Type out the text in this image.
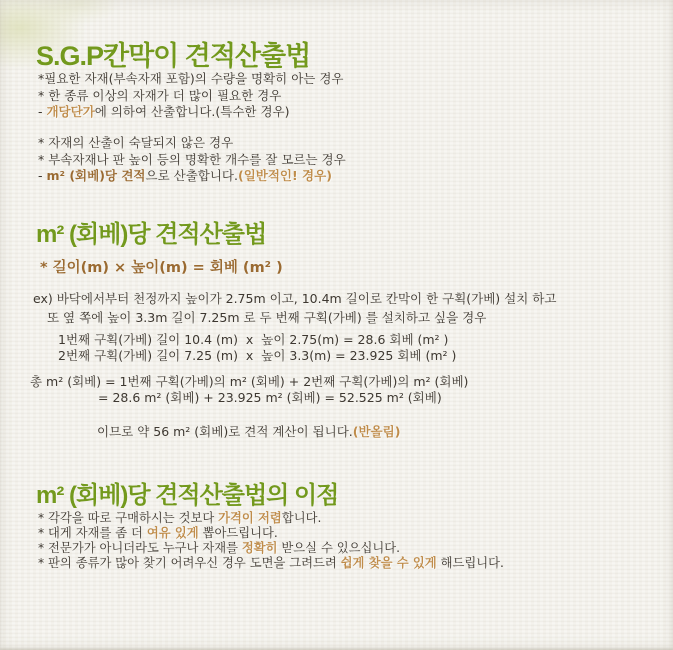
S.G.P칸막이 견적산출법
*필요한 자재(부속자재 포함)의 수량을 명확히 아는 경우
* 한 종류 이상의 자재가 더 많이 필요한 경우
- 개당단가에 의하여 산출합니다.(특수한 경우)
* 자재의 산출이 숙달되지 않은 경우
* 부속자재나 판 높이 등의 명확한 개수를 잘 모르는 경우
- m² (회베)당 견적으로 산출합니다.(일반적인! 경우)
m² (회베)당 견적산출법
* 길이(m) × 높이(m) = 회베 (m² )
ex) 바닥에서부터 천정까지 높이가 2.75m 이고, 10.4m 길이로 칸막이 한 구획(가베) 설치 하고
또 옆 쪽에 높이 3.3m 길이 7.25m 로 두 번째 구획(가베) 를 설치하고 싶을 경우
1번째 구획(가베) 길이 10.4 (m)  x  높이 2.75(m) = 28.6 회베 (m² )
2번째 구획(가베) 길이 7.25 (m)  x  높이 3.3(m) = 23.925 회베 (m² )
총 m² (회베) = 1번째 구획(가베)의 m² (회베) + 2번째 구획(가베)의 m² (회베)
= 28.6 m² (회베) + 23.925 m² (회베) = 52.525 m² (회베)
이므로 약 56 m² (회베)로 견적 계산이 됩니다.(반올림)
m² (회베)당 견적산출법의 이점
* 각각을 따로 구매하시는 것보다 가격이 저렴합니다.
* 대게 자재를 좀 더 여유 있게 뽑아드립니다.
* 전문가가 아니더라도 누구나 자재를 정확히 받으실 수 있으십니다.
* 판의 종류가 많아 찾기 어려우신 경우 도면을 그려드려 쉽게 찾을 수 있게 해드립니다.
